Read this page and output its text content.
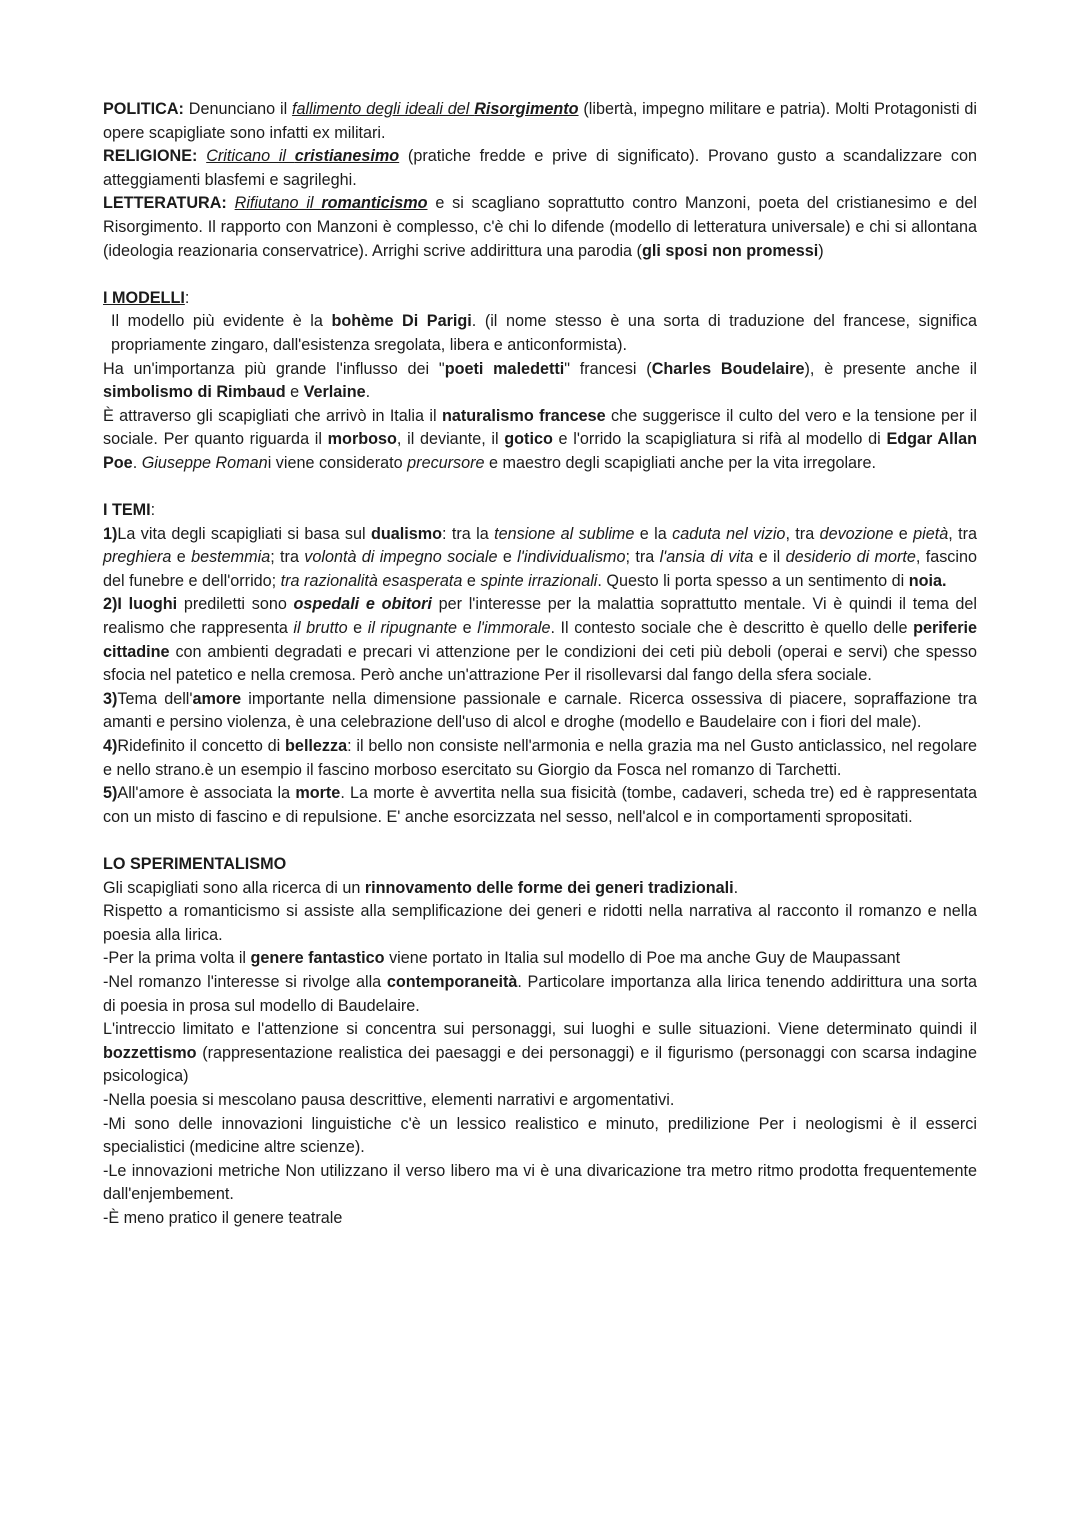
POLITICA: Denunciano il fallimento degli ideali del Risorgimento (libertà, impegno militare e patria). Molti Protagonisti di opere scapigliate sono infatti ex militari.

RELIGIONE: Criticano il cristianesimo (pratiche fredde e prive di significato). Provano gusto a scandalizzare con atteggiamenti blasfemi e sagrileghi.

LETTERATURA: Rifiutano il romanticismo e si scagliano soprattutto contro Manzoni, poeta del cristianesimo e del Risorgimento. Il rapporto con Manzoni è complesso, c'è chi lo difende (modello di letteratura universale) e chi si allontana (ideologia reazionaria conservatrice). Arrighi scrive addirittura una parodia (gli sposi non promessi)

I MODELLI:

Il modello più evidente è la bohème Di Parigi. (il nome stesso è una sorta di traduzione del francese, significa propriamente zingaro, dall'esistenza sregolata, libera e anticonformista).

Ha un'importanza più grande l'influsso dei "poeti maledetti" francesi (Charles Boudelaire), è presente anche il simbolismo di Rimbaud e Verlaine.

È attraverso gli scapigliati che arrivò in Italia il naturalismo francese che suggerisce il culto del vero e la tensione per il sociale. Per quanto riguarda il morboso, il deviante, il gotico e l'orrido la scapigliatura si rifà al modello di Edgar Allan Poe. Giuseppe Romani viene considerato precursore e maestro degli scapigliati anche per la vita irregolare.

I TEMI:

1)La vita degli scapigliati si basa sul dualismo: tra la tensione al sublime e la caduta nel vizio, tra devozione e pietà, tra preghiera e bestemmia; tra volontà di impegno sociale e l'individualismo; tra l'ansia di vita e il desiderio di morte, fascino del funebre e dell'orrido; tra razionalità esasperata e spinte irrazionali. Questo li porta spesso a un sentimento di noia.

2)I luoghi prediletti sono ospedali e obitori per l'interesse per la malattia soprattutto mentale. Vi è quindi il tema del realismo che rappresenta il brutto e il ripugnante e l'immorale. Il contesto sociale che è descritto è quello delle periferie cittadine con ambienti degradati e precari vi attenzione per le condizioni dei ceti più deboli (operai e servi) che spesso sfocia nel patetico e nella cremosa. Però anche un'attrazione Per il risollevarsi dal fango della sfera sociale.

3)Tema dell'amore importante nella dimensione passionale e carnale. Ricerca ossessiva di piacere, sopraffazione tra amanti e persino violenza, è una celebrazione dell'uso di alcol e droghe (modello e Baudelaire con i fiori del male).

4)Ridefinito il concetto di bellezza: il bello non consiste nell'armonia e nella grazia ma nel Gusto anticlassico, nel regolare e nello strano.è un esempio il fascino morboso esercitato su Giorgio da Fosca nel romanzo di Tarchetti.

5)All'amore è associata la morte. La morte è avvertita nella sua fisicità (tombe, cadaveri, scheda tre) ed è rappresentata con un misto di fascino e di repulsione. E' anche esorcizzata nel sesso, nell'alcol e in comportamenti spropositati.

LO SPERIMENTALISMO

Gli scapigliati sono alla ricerca di un rinnovamento delle forme dei generi tradizionali.

Rispetto a romanticismo si assiste alla semplificazione dei generi e ridotti nella narrativa al racconto il romanzo e nella poesia alla lirica.

-Per la prima volta il genere fantastico viene portato in Italia sul modello di Poe ma anche Guy de Maupassant

-Nel romanzo l'interesse si rivolge alla contemporaneità. Particolare importanza alla lirica tenendo addirittura una sorta di poesia in prosa sul modello di Baudelaire.

L'intreccio limitato e l'attenzione si concentra sui personaggi, sui luoghi e sulle situazioni. Viene determinato quindi il bozzettismo (rappresentazione realistica dei paesaggi e dei personaggi) e il figurismo (personaggi con scarsa indagine psicologica)

-Nella poesia si mescolano pausa descrittive, elementi narrativi e argomentativi.

-Mi sono delle innovazioni linguistiche c'è un lessico realistico e minuto, predilizione Per i neologismi è il esserci specialistici (medicine altre scienze).

-Le innovazioni metriche Non utilizzano il verso libero ma vi è una divaricazione tra metro ritmo prodotta frequentemente dall'enjembement.

-È meno pratico il genere teatrale
